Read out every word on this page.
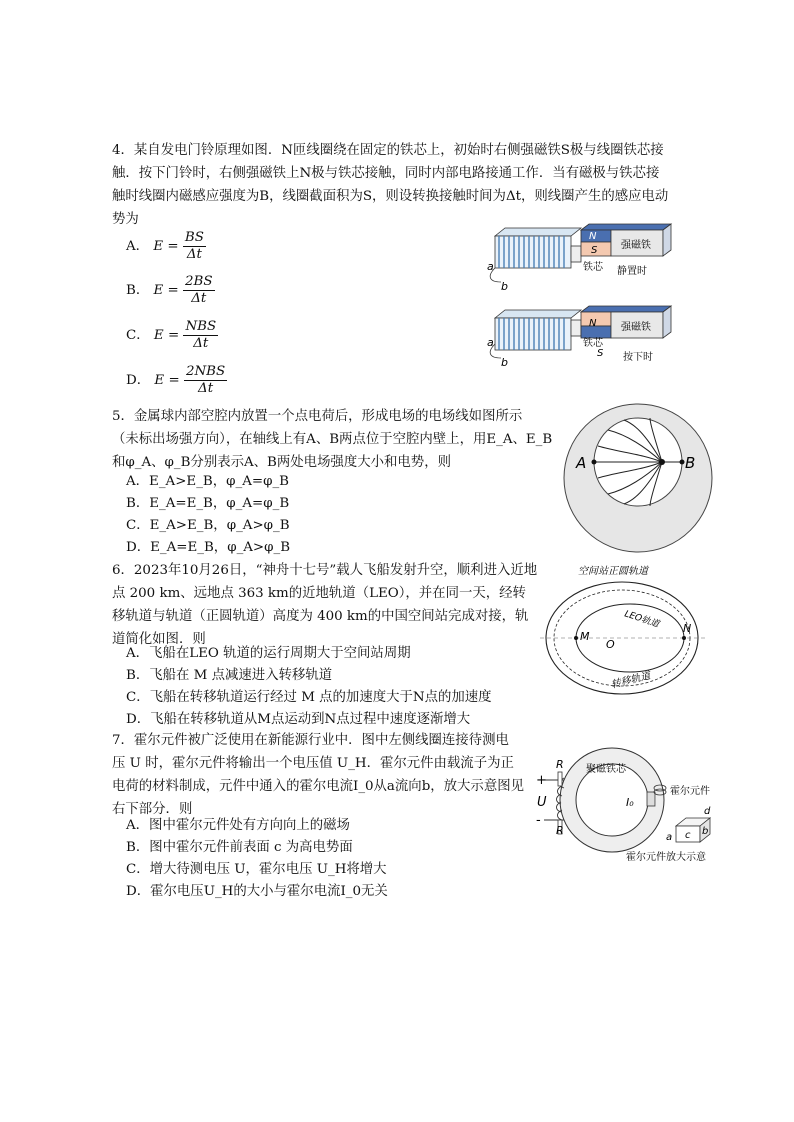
4．某自发电门铃原理如图．N匝线圈绕在固定的铁芯上，初始时右侧强磁铁S极与线圈铁芯接
触．按下门铃时，右侧强磁铁上N极与铁芯接触，同时内部电路接通工作．当有磁极与铁芯接
触时线圈内磁感应强度为B，线圈截面积为S，则设转换接触时间为Δt，则线圈产生的感应电动
势为
A． $E = \frac{BS}{\Delta t}$
B． $E = \frac{2BS}{\Delta t}$
C． $E = \frac{\text{NBS}}{\Delta t}$
D． $E = \frac{\text{2NBS}}{\Delta t}$
a
b
N
S 强磁铁
铁芯 静置时
a
b
N 强磁铁
铁芯
S 按下时
5．金属球内部空腔内放置一个点电荷后，形成电场的电场线如图所示
（未标出场强方向），在轴线上有A、B两点位于空腔内壁上，用E_A、E_B
和φ_A、φ_B分别表示A、B两处电场强度大小和电势，则
A．E_A>E_B，φ_A=φ_B
B．E_A=E_B，φ_A=φ_B
C．E_A>E_B，φ_A>φ_B
D．E_A=E_B，φ_A>φ_B
A	B
6．2023年10月26日，“神舟十七号”载人飞船发射升空，顺利进入近地
点 200 km、远地点 363 km的近地轨道（LEO），并在同一天，经转
移轨道与轨道（正圆轨道）高度为 400 km的中国空间站完成对接，轨
道简化如图．则
A．飞船在LEO 轨道的运行周期大于空间站周期
B．飞船在 M 点减速进入转移轨道
C．飞船在转移轨道运行经过 M 点的加速度大于N点的加速度
D．飞船在转移轨道从M点运动到N点过程中速度逐渐增大
空间站正圆轨道
LEO轨道
转移轨道
M
O
N
7．霍尔元件被广泛使用在新能源行业中．图中左侧线圈连接待测电
压 U 时，霍尔元件将输出一个电压值 U_H．霍尔元件由载流子为正
电荷的材料制成，元件中通入的霍尔电流I_0从a流向b，放大示意图见
右下部分．则
A．图中霍尔元件处有方向向上的磁场
B．图中霍尔元件前表面 c 为高电势面
C．增大待测电压 U，霍尔电压 U_H将增大
D．霍尔电压U_H的大小与霍尔电流I_0无关
+
-
U
R
R
聚磁铁芯
霍尔元件
I₀
d
a c b
霍尔元件放大示意
